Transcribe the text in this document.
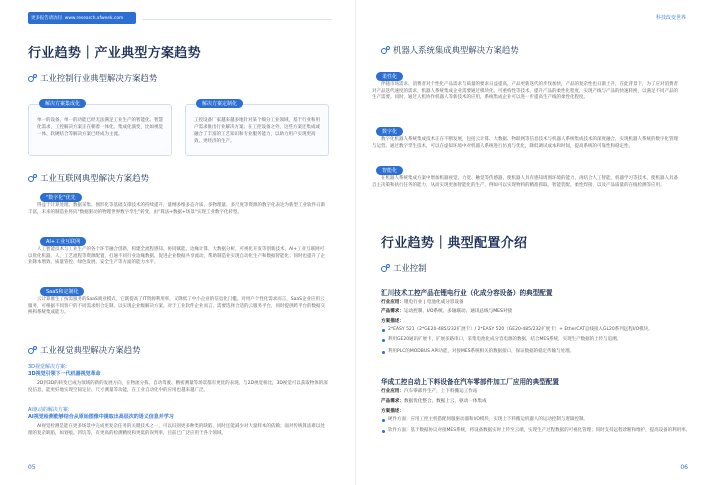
更多报告请访问 www.research.xfweek.com
行业趋势｜产业典型方案趋势
工业控制行业典型解决方案趋势
解决方案集成化
单一的设备、单一的功能已经无法满足工业生产的智能化、智慧化需求，工控解决方案正在朝着一体化、集成化演变，比如视觉一体、软硬结合等解决方案已经成为主流。
解决方案定制化
工控设备厂家越来越多地针对某个细分工业领域，基于行业和用户需求推出行业解决方案；在工控设备之外，这些方案还集成或融合了丰富的工艺知识和专业服务能力，以助力用户实现更高效、更经济的生产。
工业互联网典型解决方案趋势
"数字化"优先
得益于计算处理、数据采集、图形化等基础支撑技术的持续提升，量纲多维多态介质、多物理量、多尺度等资源的数字化表达为新型工业软件日渐丰富，未来的制造业将向"数据驱动的物理世界数字孪生"转变，由"算法+数据+场景"实现工业数字化转型。
AI+工业互联网
人工智能技术与工业生产的各个环节融合创新，构建全流程感知、协同赋能、边缘计算、大数据分析，可视化开发等创新技术，AI+工业互联网可以优化机器、人、工艺流程等资源配置，打通不同行业边缘数据，促进企业数据共享流动，帮助制造业实现自动化生产和数据智能化；同时也提升了企业降本增效、质量管控、绿色发展、安全生产等方面的能力水平。
SaaS和定制化
云计算催生了按需服务的SaaS商业模式，它既提高了IT资源利用率，又降低了中小企业的信息化门槛。对用户个性化需求而言，SaaS企业应用云服务，可根据不同客户的不同需求组合定制，以实现企业级解决方案。对于工业软件企业而言，需要选择合适的云服务平台，同时提供跨平台的数据交换和系统集成能力。
工业视觉典型解决方案趋势
3D视觉解决方案:
3D视觉引领下一代机器视觉革命
2D到3D的转变已成为领域的新的发展方向，在物流分拣、自动驾驶、精密测量等场景都有更优的表现。与2D视觉相比，3D视觉可以获取物体的深度信息，能更好地实现空间定位、尺寸测量等功能，在工业自动化中的应用也越来越广泛。
AI驱动的解决方案:
AI视觉检测能够结合从原始图像中提取出高层次的语义信息并学习
AI视觉检测是能在更多场景中完成更复杂任务的关键技术之一，可以识别更多种类的缺陷，同时还能减少对大量样本的依赖；面对传统算法难以处理的复杂缺陷，如划痕、凹坑等，有更高的检测精度和更低的误判率，目前已广泛应用于各个领域。
05
科技改变世界
机器人系统集成典型解决方案趋势
柔性化
伴随市场需求、消费者对个性化产品需求与质量的要求日益提高，产品更新迭代的步伐加快，产品的复杂性也日渐上升，在此背景下，为了应对消费者对产品迭代速度的需求，机器人系统集成企业需要通过模块化、可重构性等技术，提升产品的柔性化程度，实现产线与产品的快速转换，以满足不同产品的生产需要。同时，通过人机协作机器人等新技术的应用，系统集成企业可以进一步提高生产线的柔性化程度。
数字化
数字化机器人系统集成技术正在不断发展，包括云计算、大数据、物联网等信息技术与机器人系统集成技术的深度融合，实现机器人系统的数字化管理与运营。通过数字孪生技术，可以在虚拟环境中对机器人系统进行仿真与优化，降低调试成本和时间，提高系统的可靠性和稳定性。
智能化
在机器人系统集成方案中增加机器视觉、力觉、触觉等传感器，使机器人具有感知周围环境的能力，再结合人工智能、机器学习等技术，使机器人具备自主决策和执行任务的能力，从而实现更加智能化的生产，例如可以实现物料的精准抓取、智能装配、柔性焊接，以及产品质量的在线检测等应用。
行业趋势｜典型配置介绍
工业控制
汇川技术工控产品在锂电行业（化成分容设备）的典型配置
行业应用：锂电行业 | 电池化成分容设备
产品需求：运动控制、I/O系统、多轴联动、通讯总线与MES对接
方案描述：
2*EASY 521（2*GE20-485/232扩展卡）/ 2*EASY 520（GE20-485/232扩展卡）+ EtherCAT总线接入GL20系列远程I/O模块。
利用GE20通讯扩展卡，扩展多路串口，采集电池化成分容电源的数据，结合MES系统，实现生产数据的上传与追溯。
利用PLC的MODBUS API功能，对接MES系统相关的数据接口，保证数据的稳定传输与处理。
华成工控自动上下料设备在汽车零部件加工厂应用的典型配置
行业应用：汽车零部件生产，上下料搬运工作站
产品需求：数据优化整合、数据上云、驱动一体集成
方案描述：
硬件方面：应用工控主机搭配伺服驱动器和I/O模块，实现上下料搬运机器人的运动控制与逻辑控制。
软件方面：基于数据协议对接MES系统，将设备数据实时上传至云端，实现生产过程数据的可视化管理；同时支持远程诊断和维护，提高设备的利用率。
06
